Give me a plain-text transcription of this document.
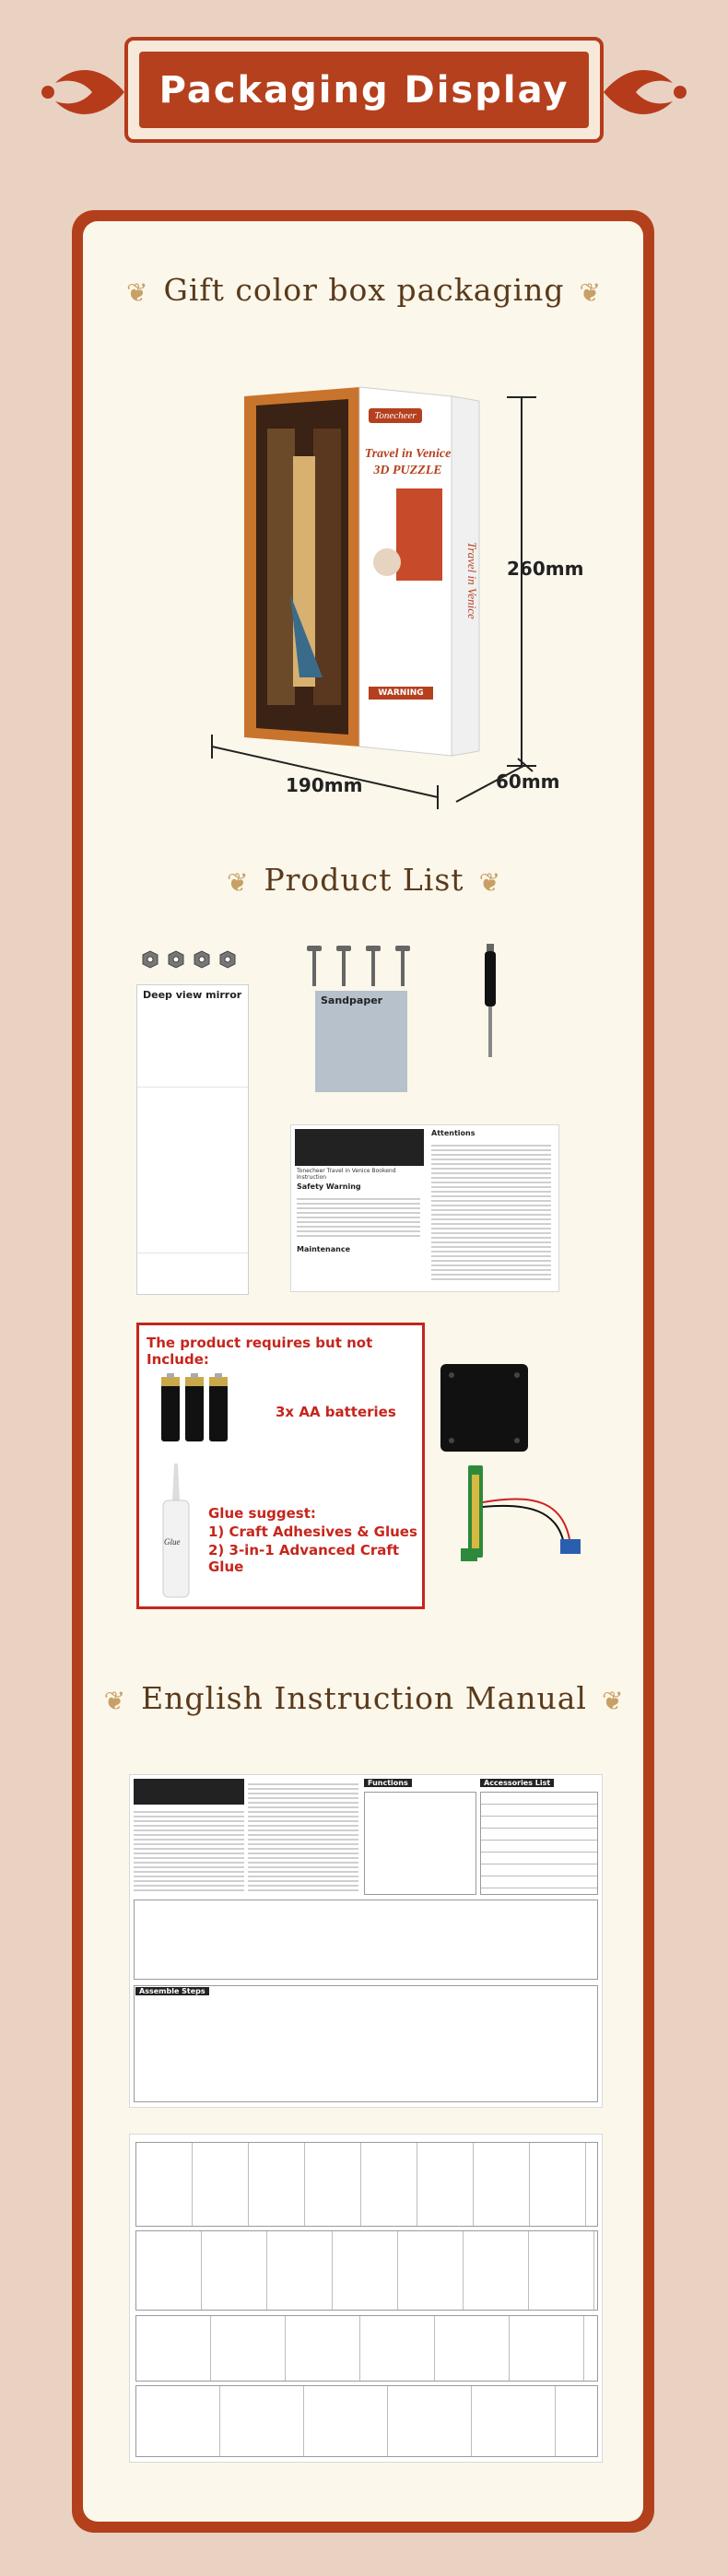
Packaging Display
❦ Gift color box packaging ❦
Tonecheer
Travel in Venice
3D PUZZLE
WARNING
Travel in Venice 260mm
190mm	60mm
❦ Product List ❦
Deep view mirror	Sandpaper
Tonecheer Travel in Venice Bookend Instruction
Safety Warning
Maintenance
Attentions
The product requires but not Include:
3x AA batteries
Glue
Glue suggest:
1) Craft Adhesives & Glues
2) 3-in-1 Advanced Craft Glue
❦ English Instruction Manual ❦
Functions	Accessories List
Assemble Steps
